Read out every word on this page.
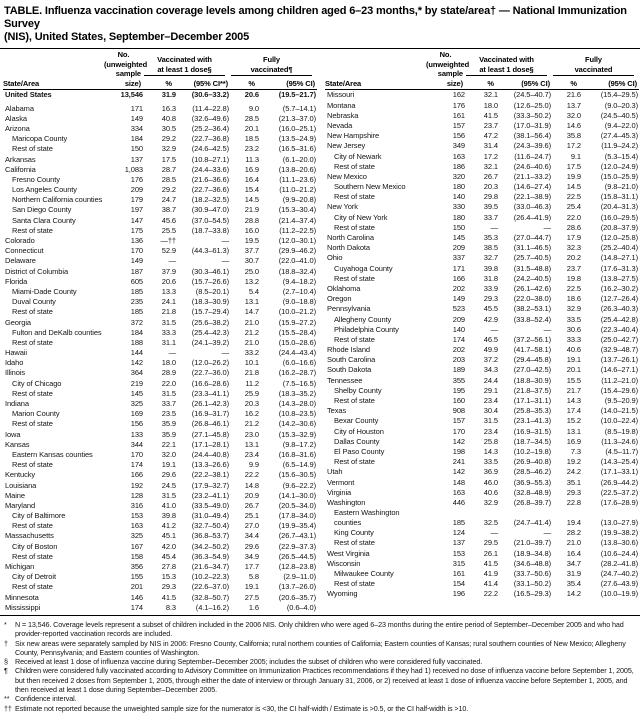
TABLE. Influenza vaccination coverage levels among children aged 6–23 months,* by state/area† — National Immunization Survey
(NIS), United States, September–December 2005
State/Area	
No.
(unweighted
sample size)

Vaccinated with
at least 1 dose§

Fully
vaccinated¶

		%	(95% CI**)	%	(95% CI)
United States	13,546	31.9	(30.6–33.2)	20.6	(19.5–21.7)
Alabama	171	16.3	(11.4–22.8)	9.0	(5.7–14.1)
Alaska	149	40.8	(32.6–49.6)	28.5	(21.3–37.0)
Arizona	334	30.5	(25.2–36.4)	20.1	(16.0–25.1)
Maricopa County	184	29.2	(22.7–36.8)	18.5	(13.5–24.9)
Rest of state	150	32.9	(24.6–42.5)	23.2	(16.5–31.6)
Arkansas	137	17.5	(10.8–27.1)	11.3	(6.1–20.0)
California	1,083	28.7	(24.4–33.6)	16.9	(13.8–20.6)
Fresno County	176	28.5	(21.6–36.6)	16.4	(11.1–23.6)
Los Angeles County	209	29.2	(22.7–36.6)	15.4	(11.0–21.2)
Northern California counties	179	24.7	(18.2–32.5)	14.5	(9.9–20.8)
San Diego County	197	38.7	(30.9–47.0)	21.9	(15.3–30.4)
Santa Clara County	147	45.6	(37.0–54.5)	28.8	(21.4–37.4)
Rest of state	175	25.5	(18.7–33.8)	16.0	(11.2–22.5)
Colorado	136	—††	—	19.5	(12.0–30.1)
Connecticut	170	52.9	(44.3–61.3)	37.7	(29.9–46.2)
Delaware	149	—	—	30.7	(22.0–41.0)
District of Columbia	187	37.9	(30.3–46.1)	25.0	(18.8–32.4)
Florida	605	20.6	(15.7–26.6)	13.2	(9.4–18.2)
Miami-Dade County	185	13.3	(8.5–20.1)	5.4	(2.7–10.4)
Duval County	235	24.1	(18.3–30.9)	13.1	(9.0–18.8)
Rest of state	185	21.8	(15.7–29.4)	14.7	(10.0–21.2)
Georgia	372	31.5	(25.6–38.2)	21.0	(15.9–27.2)
Fulton and DeKalb counties	184	33.3	(25.4–42.3)	21.2	(15.5–28.4)
Rest of state	188	31.1	(24.1–39.2)	21.0	(15.0–28.6)
Hawaii	144	—	—	33.2	(24.4–43.4)
Idaho	142	18.0	(12.0–26.2)	10.1	(6.0–16.6)
Illinois	364	28.9	(22.7–36.0)	21.8	(16.2–28.7)
City of Chicago	219	22.0	(16.6–28.6)	11.2	(7.5–16.5)
Rest of state	145	31.5	(23.3–41.1)	25.9	(18.3–35.2)
Indiana	325	33.7	(26.1–42.3)	20.3	(14.3–28.0)
Marion County	169	23.5	(16.9–31.7)	16.2	(10.8–23.5)
Rest of state	156	35.9	(26.8–46.1)	21.2	(14.2–30.6)
Iowa	133	35.9	(27.1–45.8)	23.0	(15.3–32.9)
Kansas	344	22.1	(17.1–28.1)	13.1	(9.8–17.2)
Eastern Kansas counties	170	32.0	(24.4–40.8)	23.4	(16.8–31.6)
Rest of state	174	19.1	(13.3–26.6)	9.9	(6.5–14.9)
Kentucky	166	29.6	(22.2–38.1)	22.2	(15.6–30.5)
Louisiana	192	24.5	(17.9–32.7)	14.8	(9.6–22.2)
Maine	128	31.5	(23.2–41.1)	20.9	(14.1–30.0)
Maryland	316	41.0	(33.5–49.0)	26.7	(20.5–34.0)
City of Baltimore	153	39.8	(31.0–49.4)	25.1	(17.8–34.0)
Rest of state	163	41.2	(32.7–50.4)	27.0	(19.9–35.4)
Massachusetts	325	45.1	(36.8–53.7)	34.4	(26.7–43.1)
City of Boston	167	42.0	(34.2–50.2)	29.6	(22.9–37.3)
Rest of state	158	45.4	(36.3–54.9)	34.9	(26.5–44.5)
Michigan	356	27.8	(21.6–34.7)	17.7	(12.8–23.8)
City of Detroit	155	15.3	(10.2–22.3)	5.8	(2.9–11.0)
Rest of state	201	29.3	(22.6–37.0)	19.1	(13.7–26.0)
Minnesota	146	41.5	(32.8–50.7)	27.5	(20.6–35.7)
Mississippi	174	8.3	(4.1–16.2)	1.6	(0.6–4.0)
State/Area	
No.
(unweighted
sample size)

Vaccinated with
at least 1 dose§

Fully
vaccinated

		%	(95% CI)	%	(95% CI)
Missouri	162	32.1	(24.5–40.7)	21.6	(15.4–29.5)
Montana	176	18.0	(12.6–25.0)	13.7	(9.0–20.3)
Nebraska	161	41.5	(33.3–50.2)	32.0	(24.5–40.5)
Nevada	157	23.7	(17.0–31.9)	14.6	(9.4–22.0)
New Hampshire	156	47.2	(38.1–56.4)	35.8	(27.4–45.3)
New Jersey	349	31.4	(24.3–39.6)	17.2	(11.9–24.2)
City of Newark	163	17.2	(11.6–24.7)	9.1	(5.3–15.4)
Rest of state	186	32.1	(24.6–40.6)	17.5	(12.0–24.9)
New Mexico	320	26.7	(21.1–33.2)	19.9	(15.0–25.9)
Southern New Mexico	180	20.3	(14.6–27.4)	14.5	(9.8–21.0)
Rest of state	140	29.8	(22.1–38.9)	22.5	(15.8–31.1)
New York	330	39.5	(33.0–46.3)	25.4	(20.4–31.3)
City of New York	180	33.7	(26.4–41.9)	22.0	(16.0–29.5)
Rest of state	150	—	—	28.6	(20.8–37.9)
North Carolina	145	35.3	(27.0–44.7)	17.9	(12.0–25.8)
North Dakota	209	38.5	(31.1–46.5)	32.3	(25.2–40.4)
Ohio	337	32.7	(25.7–40.5)	20.2	(14.8–27.1)
Cuyahoga County	171	39.8	(31.5–48.8)	23.7	(17.6–31.3)
Rest of state	166	31.8	(24.2–40.5)	19.8	(13.8–27.5)
Oklahoma	202	33.9	(26.1–42.6)	22.5	(16.2–30.2)
Oregon	149	29.3	(22.0–38.0)	18.6	(12.7–26.4)
Pennsylvania	523	45.5	(38.2–53.1)	32.9	(26.3–40.3)
Allegheny County	209	42.9	(33.8–52.4)	33.5	(25.4–42.8)
Philadelphia County	140	—	—	30.6	(22.3–40.4)
Rest of state	174	46.5	(37.2–56.1)	33.3	(25.0–42.7)
Rhode Island	202	49.9	(41.7–58.1)	40.6	(32.9–48.7)
South Carolina	203	37.2	(29.4–45.8)	19.1	(13.7–26.1)
South Dakota	189	34.3	(27.0–42.5)	20.1	(14.6–27.1)
Tennessee	355	24.4	(18.8–30.9)	15.5	(11.2–21.0)
Shelby County	195	29.1	(21.8–37.5)	21.7	(15.4–29.6)
Rest of state	160	23.4	(17.1–31.1)	14.3	(9.5–20.9)
Texas	908	30.4	(25.8–35.3)	17.4	(14.0–21.5)
Bexar County	157	31.5	(23.1–41.3)	15.2	(10.0–22.4)
City of Houston	170	23.4	(16.9–31.5)	13.1	(8.5–19.8)
Dallas County	142	25.8	(18.7–34.5)	16.9	(11.3–24.6)
El Paso County	198	14.3	(10.2–19.8)	7.3	(4.5–11.7)
Rest of state	241	33.5	(26.9–40.8)	19.2	(14.3–25.4)
Utah	142	36.9	(28.5–46.2)	24.2	(17.1–33.1)
Vermont	148	46.0	(36.9–55.3)	35.1	(26.9–44.2)
Virginia	163	40.6	(32.8–48.9)	29.3	(22.5–37.2)
Washington	446	32.9	(26.8–39.7)	22.8	(17.6–28.9)
Eastern Washington counties	185	32.5	(24.7–41.4)	19.4	(13.0–27.9)
King County	124	—	—	28.2	(19.9–38.2)
Rest of state	137	29.5	(21.0–39.7)	21.0	(13.8–30.6)
West Virginia	153	26.1	(18.9–34.8)	16.4	(10.6–24.4)
Wisconsin	315	41.5	(34.6–48.8)	34.7	(28.2–41.8)
Milwaukee County	161	41.9	(33.7–50.6)	31.9	(24.7–40.2)
Rest of state	154	41.4	(33.1–50.2)	35.4	(27.6–43.9)
Wyoming	196	22.2	(16.5–29.3)	14.2	(10.0–19.9)
* N = 13,546. Coverage levels represent a subset of children included in the 2006 NIS. Only children who were aged 6–23 months during the entire period of September–December 2005 and who had provider-reported vaccination records are included.
† Six new areas were separately sampled by NIS in 2006: Fresno County, California; rural northern counties of California; Eastern counties of Kansas; rural southern counties of New Mexico; Allegheny County, Pennsylvania; and Eastern counties of Washington.
§ Received at least 1 dose of influenza vaccine during September–December 2005; includes the subset of children who were considered fully vaccinated.
¶ Children were considered fully vaccinated according to Advisory Committee on Immunization Practices recommendations if they had 1) received no dose of influenza vaccine before September 1, 2005, but then received 2 doses from September 1, 2005, through either the date of interview or through January 31, 2006, or 2) received at least 1 dose of influenza vaccine before September 1, 2005, and then received at least 1 dose during September–December 2005.
** Confidence interval.
†† Estimate not reported because the unweighted sample size for the numerator is <30, the CI half-width / Estimate is >0.5, or the CI half-width is >10.
